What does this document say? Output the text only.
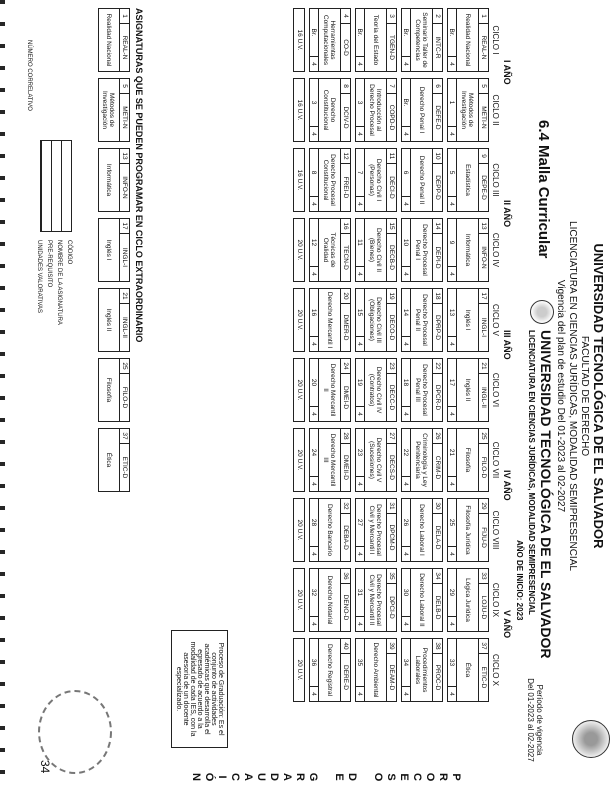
UNIVERSIDAD TECNOLÓGICA DE EL SALVADOR
FACULTAD DE DERECHO
LICENCIATURA EN CIENCIAS JURÍDICAS, MODALIDAD SEMIPRESENCIAL
Vigencia del plan de estudio Del 01-2023 al 02-2027
6.4 Malla Curricular
UNIVERSIDAD TECNOLÓGICA DE EL SALVADOR
LICENCIATURA EN CIENCIAS JURÍDICAS, MODALIDAD SEMIPRESENCIAL
AÑO DE INICIO: 2023
Período de vigencia
Del 01-2023 al 02-2027
ASIGNATURAS QUE SE PUEDEN PROGRAMAR EN CICLO EXTRAORDINARIO
Proceso de Graduación: Es el conjunto de actividades académicas que desarrolla el egresado de acuerdo a la modalidad de cada IES, con la asesoría de un docente especializado.
P
R
O
C
E
S
O

D
E

G
R
A
D
U
A
C
I
Ó
N
CÓDIGO
NOMBRE DE LA ASIGNATURA
PRE-REQUISITO
UNIDADES VALORATIVAS
NÚMERO CORRELATIVO
34
I AÑO
II AÑO
III AÑO
IV AÑO
V AÑO
CICLO I
1
REAL-N
Realidad Nacional
Br.
4
2
INTC-R
Seminario Taller de Competencias
Br.
4
3
TGEN-D
Teoría del Estado
Br.
4
4
CO-D
Herramientas Computacionales
Br.
4
16 U.V.
CICLO II
5
METI-N
Métodos de Investigación
1
4
6
DEFE-D
Derecho Penal I
Br.
4
7
COPD-D
Introducción al Derecho Procesal
3
4
8
DCIV-D
Derecho Constitucional
3
4
16 U.V.
CICLO III
9
DEPE-D
Estadística
5
4
10
DEPP-D
Derecho Penal II
6
4
11
DECI-D
Derecho Civil I (Personas)
7
4
12
FREI-D
Derecho Procesal Constitucional
8
4
16 U.V.
CICLO IV
13
INFO-N
Informática
9
4
14
DEPI-D
Derecho Procesal Penal I
10
4
15
DECB-D
Derecho Civil II (Bienes)
11
4
16
TECN-D
Técnicas de Oralidad
12
4
20 U.V.
CICLO V
17
INGL-I
Inglés I
13
4
18
DPRP-D
Derecho Procesal Penal II
14
4
19
DECO-D
Derecho Civil III (Obligaciones)
15
4
20
DMER-D
Derecho Mercantil I
16
4
20 U.V.
CICLO VI
21
INGL-II
Inglés II
17
4
22
DPCR-D
Derecho Procesal Penal III
18
4
23
DECC-D
Derecho Civil IV (Contratos)
19
4
24
DMEI-D
Derecho Mercantil II
20
4
20 U.V.
CICLO VII
25
FILO-D
Filosofía
21
4
26
CRIM-D
Criminología y Ley Penitenciaria
22
4
27
DECS-D
Derecho Civil V (Sucesiones)
23
4
28
DMEII-D
Derecho Mercantil III
24
4
20 U.V.
CICLO VIII
29
FIJU-D
Filosofía Jurídica
25
4
30
DELA-D
Derecho Laboral I
26
4
31
DPCM-D
Derecho Procesal Civil y Mercantil I
27
4
32
DEBA-D
Derecho Bancario
28
4
20 U.V.
CICLO IX
33
LOJU-D
Lógica Jurídica
29
4
34
DELB-D
Derecho Laboral II
30
4
35
DPCI-D
Derecho Procesal Civil y Mercantil II
31
4
36
DENO-D
Derecho Notarial
32
4
20 U.V.
CICLO X
37
ETIC-D
Ética
33
4
38
PROC-D
Procedimientos Laborales
34
4
39
DEAM-D
Derecho Ambiental
35
4
40
DERE-D
Derecho Registral
36
4
20 U.V.
1
REAL-N
Realidad Nacional
5
METI-N
Métodos de Investigación
13
INFO-N
Informática
17
INGL-I
Inglés I
21
INGL-II
Inglés II
25
FILO-D
Filosofía
37
ETIC-D
Ética
